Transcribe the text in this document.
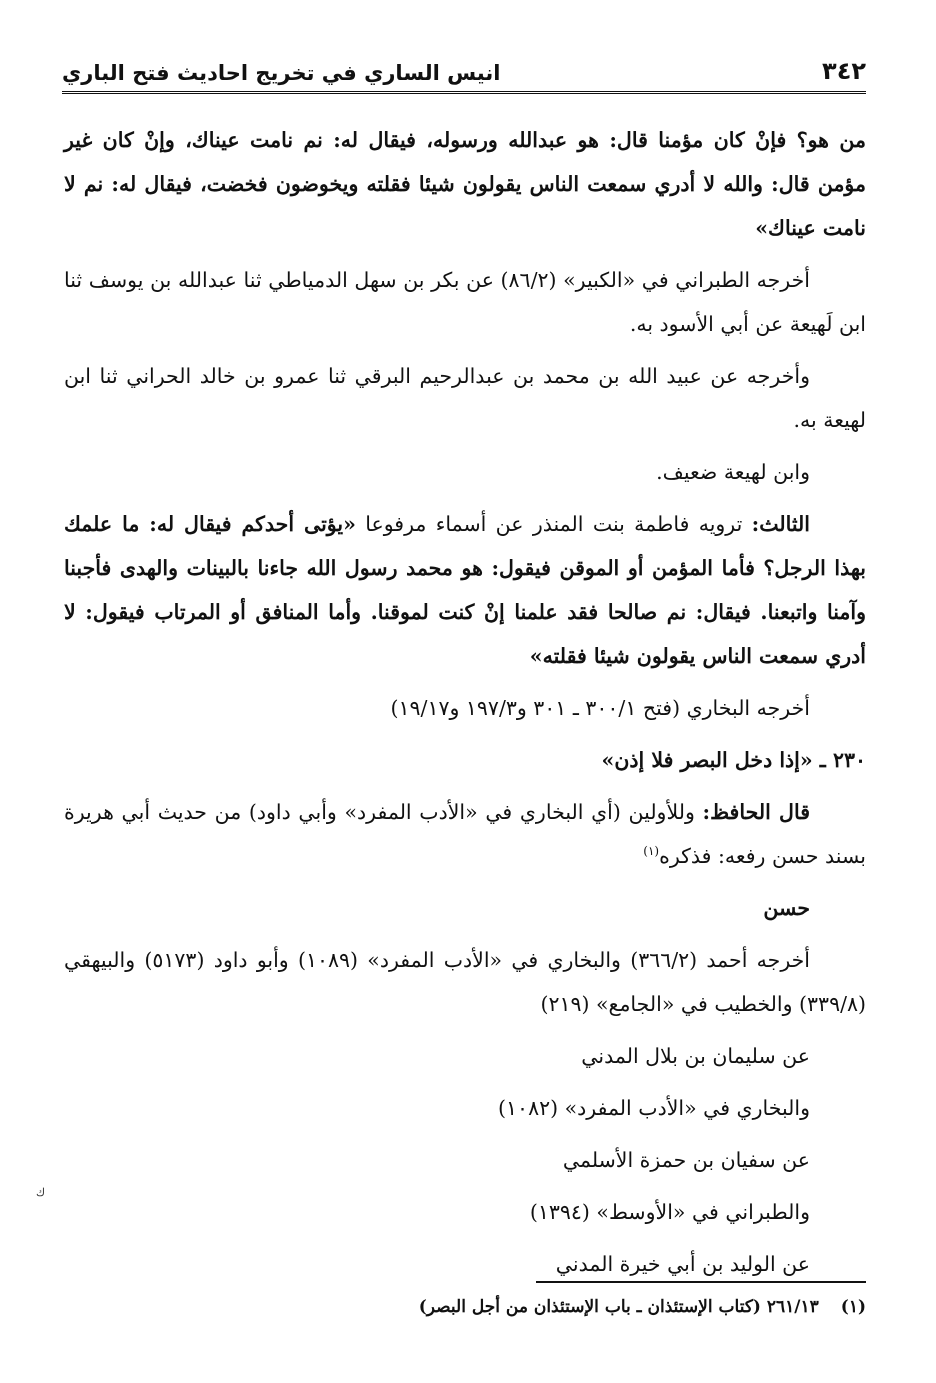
٣٤٢
انيس الساري في تخريج احاديث فتح الباري

من هو؟ فإنْ كان مؤمنا قال: هو عبدالله ورسوله، فيقال له: نم نامت عيناك، وإنْ كان غير مؤمن قال: والله لا أدري سمعت الناس يقولون شيئا فقلته ويخوضون فخضت، فيقال له: نم لا نامت عيناك»

أخرجه الطبراني في «الكبير» (٨٦/٢) عن بكر بن سهل الدمياطي ثنا عبدالله بن يوسف ثنا ابن لَهيعة عن أبي الأسود به.

وأخرجه عن عبيد الله بن محمد بن عبدالرحيم البرقي ثنا عمرو بن خالد الحراني ثنا ابن لهيعة به.

وابن لهيعة ضعيف.

الثالث: ترويه فاطمة بنت المنذر عن أسماء مرفوعا «يؤتى أحدكم فيقال له: ما علمك بهذا الرجل؟ فأما المؤمن أو الموقن فيقول: هو محمد رسول الله جاءنا بالبينات والهدى فأجبنا وآمنا واتبعنا. فيقال: نم صالحا فقد علمنا إنْ كنت لموقنا. وأما المنافق أو المرتاب فيقول: لا أدري سمعت الناس يقولون شيئا فقلته»

أخرجه البخاري (فتح ٣٠٠/١ ـ ٣٠١ و١٩٧/٣ و١٩/١٧)

٢٣٠ ـ «إذا دخل البصر فلا إذن»

قال الحافظ: وللأولين (أي البخاري في «الأدب المفرد» وأبي داود) من حديث أبي هريرة بسند حسن رفعه: فذكره$^{(١)}$

حسن

أخرجه أحمد (٣٦٦/٢) والبخاري في «الأدب المفرد» (١٠٨٩) وأبو داود (٥١٧٣) والبيهقي (٣٣٩/٨) والخطيب في «الجامع» (٢١٩)

عن سليمان بن بلال المدني

والبخاري في «الأدب المفرد» (١٠٨٢)

عن سفيان بن حمزة الأسلمي

والطبراني في «الأوسط» (١٣٩٤)

عن الوليد بن أبي خيرة المدني

(١)
٢٦١/١٣ (كتاب الإستئذان ـ باب الإستئذان من أجل البصر)
ﻙ
